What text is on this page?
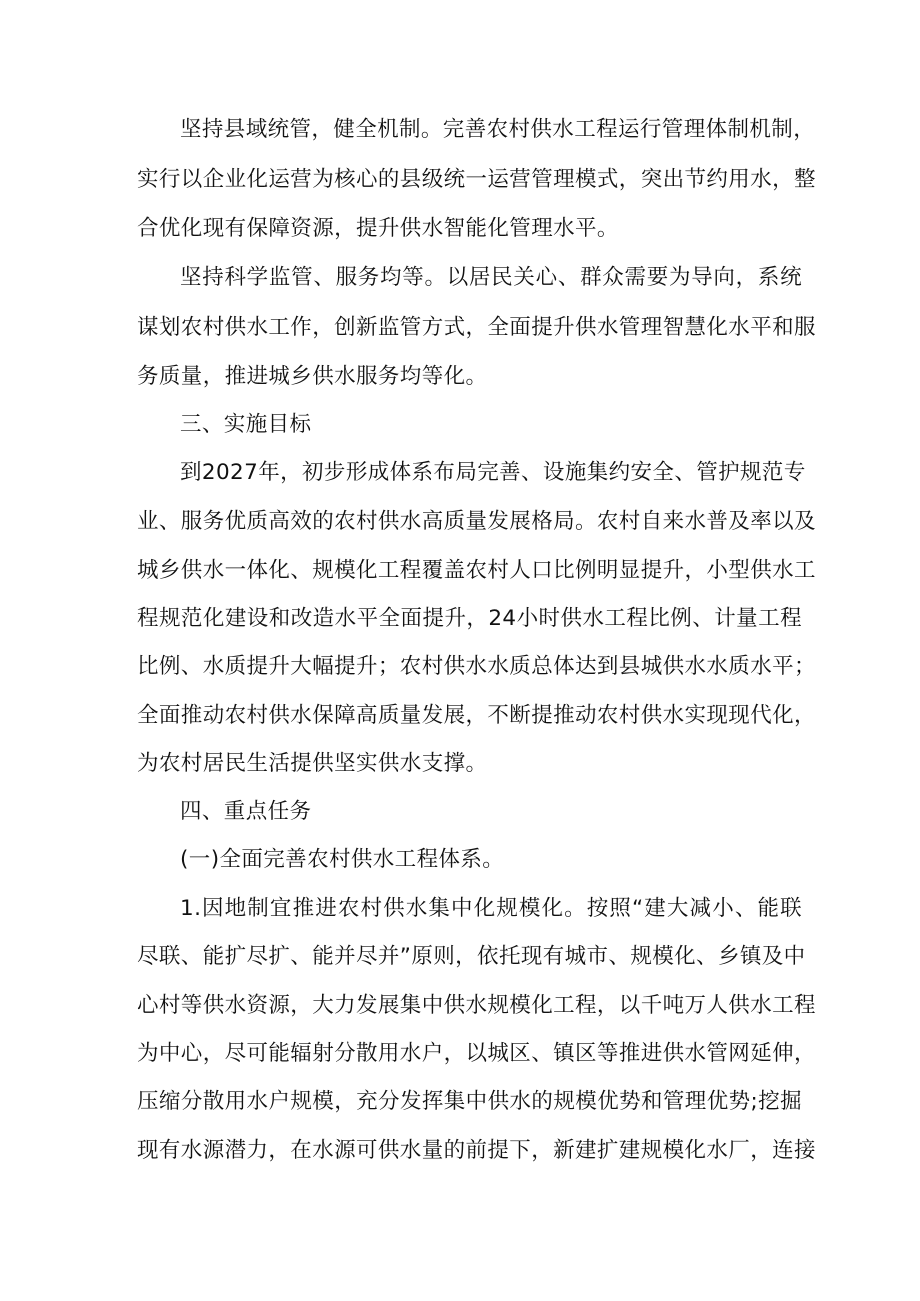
坚持县域统管，健全机制。完善农村供水工程运行管理体制机制，
实行以企业化运营为核心的县级统一运营管理模式，突出节约用水，整
合优化现有保障资源，提升供水智能化管理水平。
坚持科学监管、服务均等。以居民关心、群众需要为导向，系统
谋划农村供水工作，创新监管方式，全面提升供水管理智慧化水平和服
务质量，推进城乡供水服务均等化。
三、实施目标
到2027年，初步形成体系布局完善、设施集约安全、管护规范专
业、服务优质高效的农村供水高质量发展格局。农村自来水普及率以及
城乡供水一体化、规模化工程覆盖农村人口比例明显提升，小型供水工
程规范化建设和改造水平全面提升，24小时供水工程比例、计量工程
比例、水质提升大幅提升；农村供水水质总体达到县城供水水质水平；
全面推动农村供水保障高质量发展，不断提推动农村供水实现现代化，
为农村居民生活提供坚实供水支撑。
四、重点任务
(一)全面完善农村供水工程体系。
1.因地制宜推进农村供水集中化规模化。按照“建大减小、能联
尽联、能扩尽扩、能并尽并”原则，依托现有城市、规模化、乡镇及中
心村等供水资源，大力发展集中供水规模化工程，以千吨万人供水工程
为中心，尽可能辐射分散用水户，以城区、镇区等推进供水管网延伸，
压缩分散用水户规模，充分发挥集中供水的规模优势和管理优势;挖掘
现有水源潜力，在水源可供水量的前提下，新建扩建规模化水厂，连接
